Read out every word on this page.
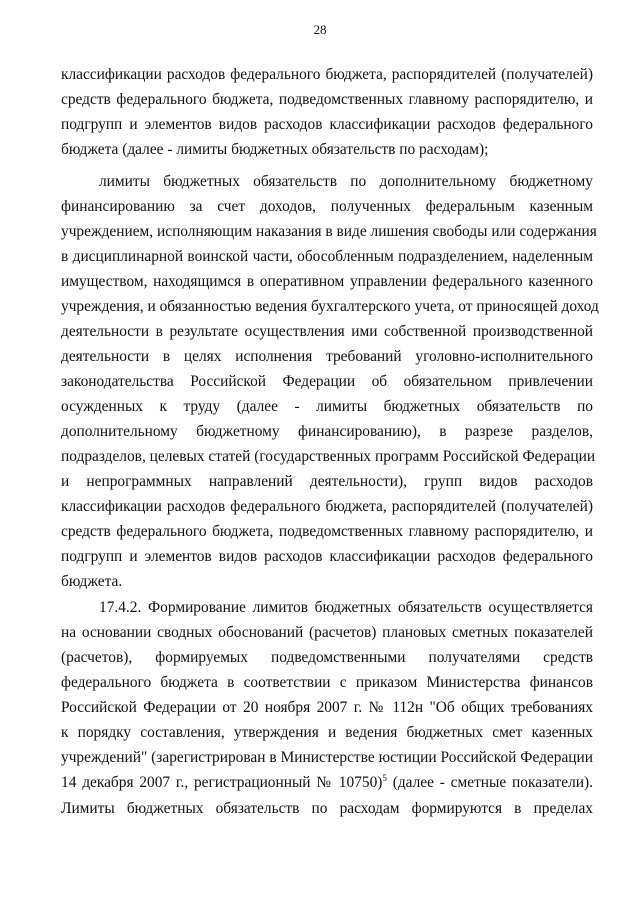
28
классификации расходов федерального бюджета, распорядителей (получателей)
средств федерального бюджета, подведомственных главному распорядителю, и
подгрупп и элементов видов расходов классификации расходов федерального
бюджета (далее - лимиты бюджетных обязательств по расходам);
лимиты бюджетных обязательств по дополнительному бюджетному
финансированию за счет доходов, полученных федеральным казенным
учреждением, исполняющим наказания в виде лишения свободы или содержания
в дисциплинарной воинской части, обособленным подразделением, наделенным
имуществом, находящимся в оперативном управлении федерального казенного
учреждения, и обязанностью ведения бухгалтерского учета, от приносящей доход
деятельности в результате осуществления ими собственной производственной
деятельности в целях исполнения требований уголовно-исполнительного
законодательства Российской Федерации об обязательном привлечении
осужденных к труду (далее - лимиты бюджетных обязательств по
дополнительному бюджетному финансированию), в разрезе разделов,
подразделов, целевых статей (государственных программ Российской Федерации
и непрограммных направлений деятельности), групп видов расходов
классификации расходов федерального бюджета, распорядителей (получателей)
средств федерального бюджета, подведомственных главному распорядителю, и
подгрупп и элементов видов расходов классификации расходов федерального
бюджета.
17.4.2. Формирование лимитов бюджетных обязательств осуществляется
на основании сводных обоснований (расчетов) плановых сметных показателей
(расчетов), формируемых подведомственными получателями средств
федерального бюджета в соответствии с приказом Министерства финансов
Российской Федерации от 20 ноября 2007 г. № 112н "Об общих требованиях
к порядку составления, утверждения и ведения бюджетных смет казенных
учреждений" (зарегистрирован в Министерстве юстиции Российской Федерации
14 декабря 2007 г., регистрационный № 10750)$^5$ (далее - сметные показатели).
Лимиты бюджетных обязательств по расходам формируются в пределах
